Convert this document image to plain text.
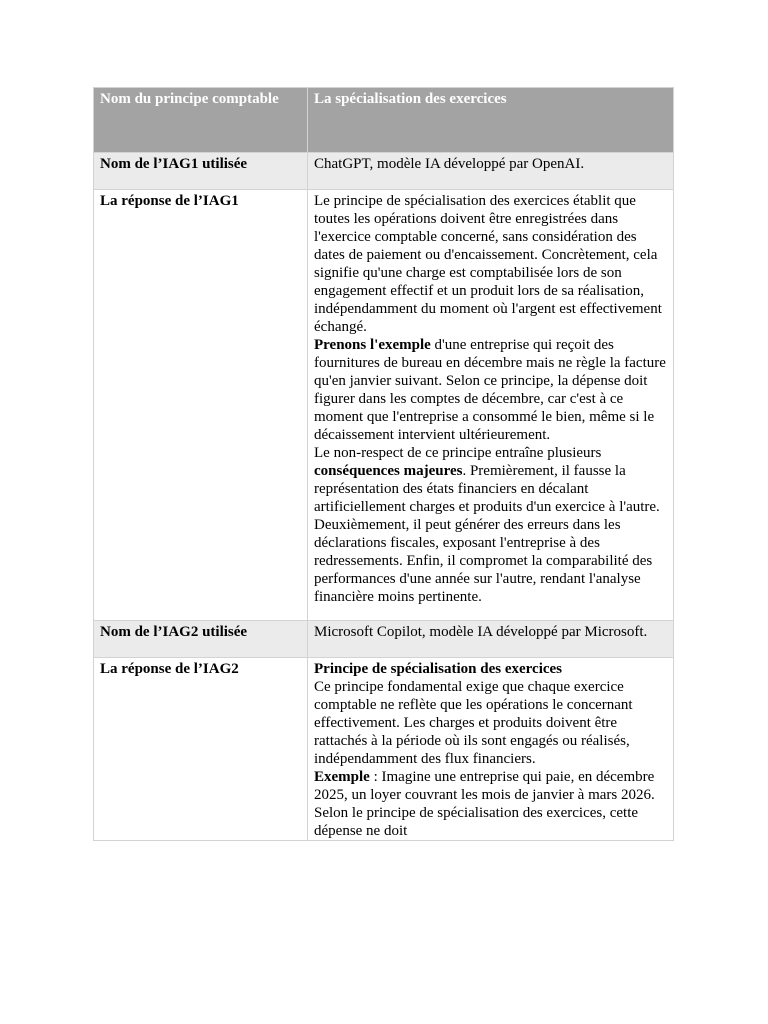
Nom du principe comptable	La spécialisation des exercices
Nom de l’IAG1 utilisée	ChatGPT, modèle IA développé par OpenAI.
La réponse de l’IAG1	Le principe de spécialisation des exercices établit que toutes les opérations doivent être enregistrées dans l'exercice comptable concerné, sans considération des dates de paiement ou d'encaissement. Concrètement, cela signifie qu'une charge est comptabilisée lors de son engagement effectif et un produit lors de sa réalisation, indépendamment du moment où l'argent est effectivement échangé.

Prenons l'exemple d'une entreprise qui reçoit des fournitures de bureau en décembre mais ne règle la facture qu'en janvier suivant. Selon ce principe, la dépense doit figurer dans les comptes de décembre, car c'est à ce moment que l'entreprise a consommé le bien, même si le décaissement intervient ultérieurement.

Le non-respect de ce principe entraîne plusieurs conséquences majeures. Premièrement, il fausse la représentation des états financiers en décalant artificiellement charges et produits d'un exercice à l'autre. Deuxièmement, il peut générer des erreurs dans les déclarations fiscales, exposant l'entreprise à des redressements. Enfin, il compromet la comparabilité des performances d'une année sur l'autre, rendant l'analyse financière moins pertinente.

Nom de l’IAG2 utilisée	Microsoft Copilot, modèle IA développé par Microsoft.
La réponse de l’IAG2	Principe de spécialisation des exercices

Ce principe fondamental exige que chaque exercice comptable ne reflète que les opérations le concernant effectivement. Les charges et produits doivent être rattachés à la période où ils sont engagés ou réalisés, indépendamment des flux financiers.

Exemple : Imagine une entreprise qui paie, en décembre 2025, un loyer couvrant les mois de janvier à mars 2026. Selon le principe de spécialisation des exercices, cette dépense ne doit
